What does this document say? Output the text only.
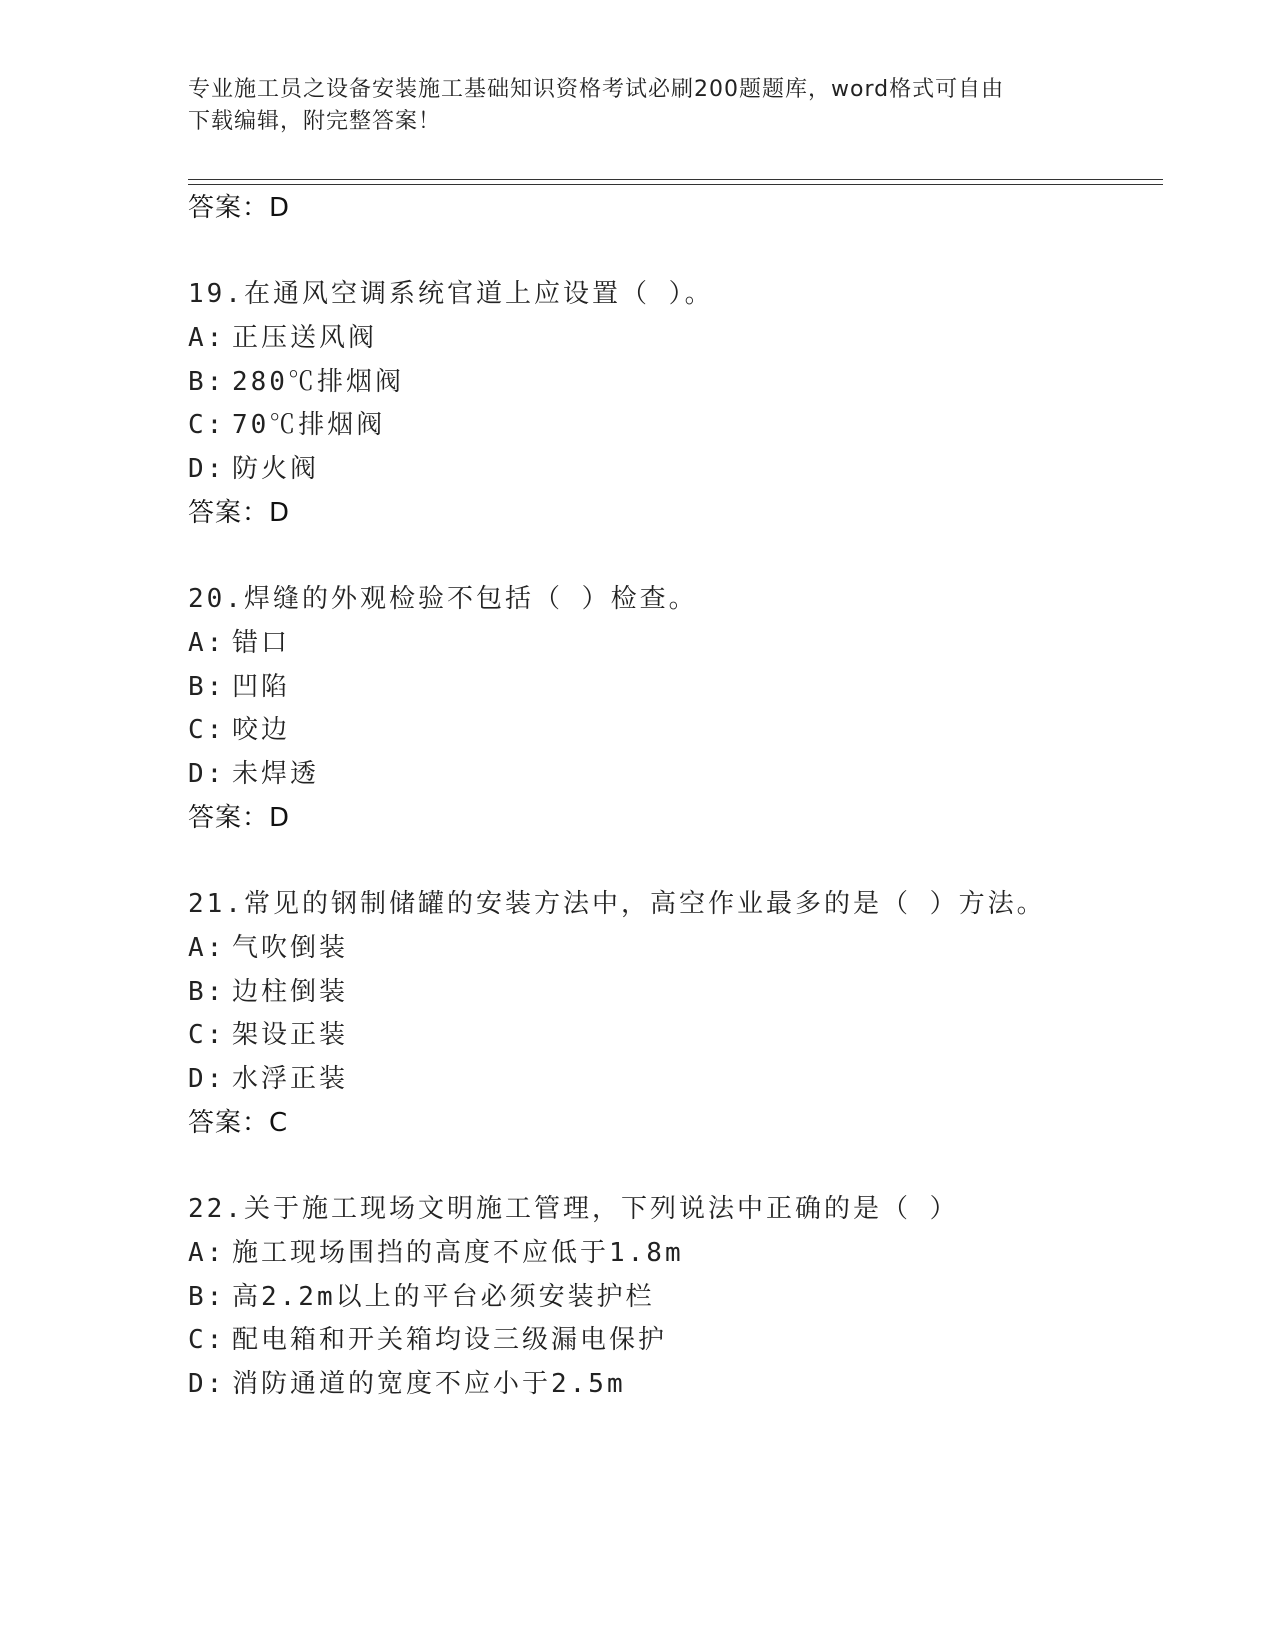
专业施工员之设备安装施工基础知识资格考试必刷200题题库，word格式可自由
下载编辑，附完整答案！
答案：D
19.在通风空调系统官道上应设置（ ）。
A: 正压送风阀
B: 280℃排烟阀
C: 70℃排烟阀
D: 防火阀
答案：D
20.焊缝的外观检验不包括（ ）检查。
A: 错口
B: 凹陷
C: 咬边
D: 未焊透
答案：D
21.常见的钢制储罐的安装方法中，高空作业最多的是（ ）方法。
A: 气吹倒装
B: 边柱倒装
C: 架设正装
D: 水浮正装
答案：C
22.关于施工现场文明施工管理，下列说法中正确的是（ ）
A: 施工现场围挡的高度不应低于1.8m
B: 高2.2m以上的平台必须安装护栏
C: 配电箱和开关箱均设三级漏电保护
D: 消防通道的宽度不应小于2.5m
